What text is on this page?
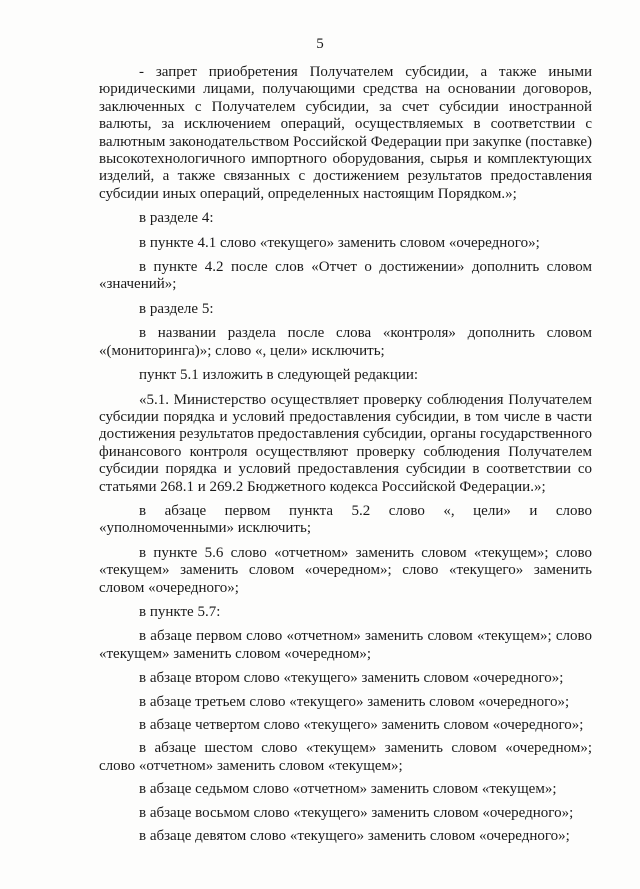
5

- запрет приобретения Получателем субсидии, а также иными юридическими лицами, получающими средства на основании договоров, заключенных с Получателем субсидии, за счет субсидии иностранной валюты, за исключением операций, осуществляемых в соответствии с валютным законодательством Российской Федерации при закупке (поставке) высокотехнологичного импортного оборудования, сырья и комплектующих изделий, а также связанных с достижением результатов предоставления субсидии иных операций, определенных настоящим Порядком.»;

в разделе 4:

в пункте 4.1 слово «текущего» заменить словом «очередного»;

в пункте 4.2 после слов «Отчет о достижении» дополнить словом «значений»;

в разделе 5:

в названии раздела после слова «контроля» дополнить словом «(мониторинга)»; слово «, цели» исключить;

пункт 5.1 изложить в следующей редакции:

«5.1. Министерство осуществляет проверку соблюдения Получателем субсидии порядка и условий предоставления субсидии, в том числе в части достижения результатов предоставления субсидии, органы государственного финансового контроля осуществляют проверку соблюдения Получателем субсидии порядка и условий предоставления субсидии в соответствии со статьями 268.1 и 269.2 Бюджетного кодекса Российской Федерации.»;

в абзаце первом пункта 5.2 слово «, цели» и слово «уполномоченными» исключить;

в пункте 5.6 слово «отчетном» заменить словом «текущем»; слово «текущем» заменить словом «очередном»; слово «текущего» заменить словом «очередного»;

в пункте 5.7:

в абзаце первом слово «отчетном» заменить словом «текущем»; слово «текущем» заменить словом «очередном»;

в абзаце втором слово «текущего» заменить словом «очередного»;

в абзаце третьем слово «текущего» заменить словом «очередного»;

в абзаце четвертом слово «текущего» заменить словом «очередного»;

в абзаце шестом слово «текущем» заменить словом «очередном»; слово «отчетном» заменить словом «текущем»;

в абзаце седьмом слово «отчетном» заменить словом «текущем»;

в абзаце восьмом слово «текущего» заменить словом «очередного»;

в абзаце девятом слово «текущего» заменить словом «очередного»;
